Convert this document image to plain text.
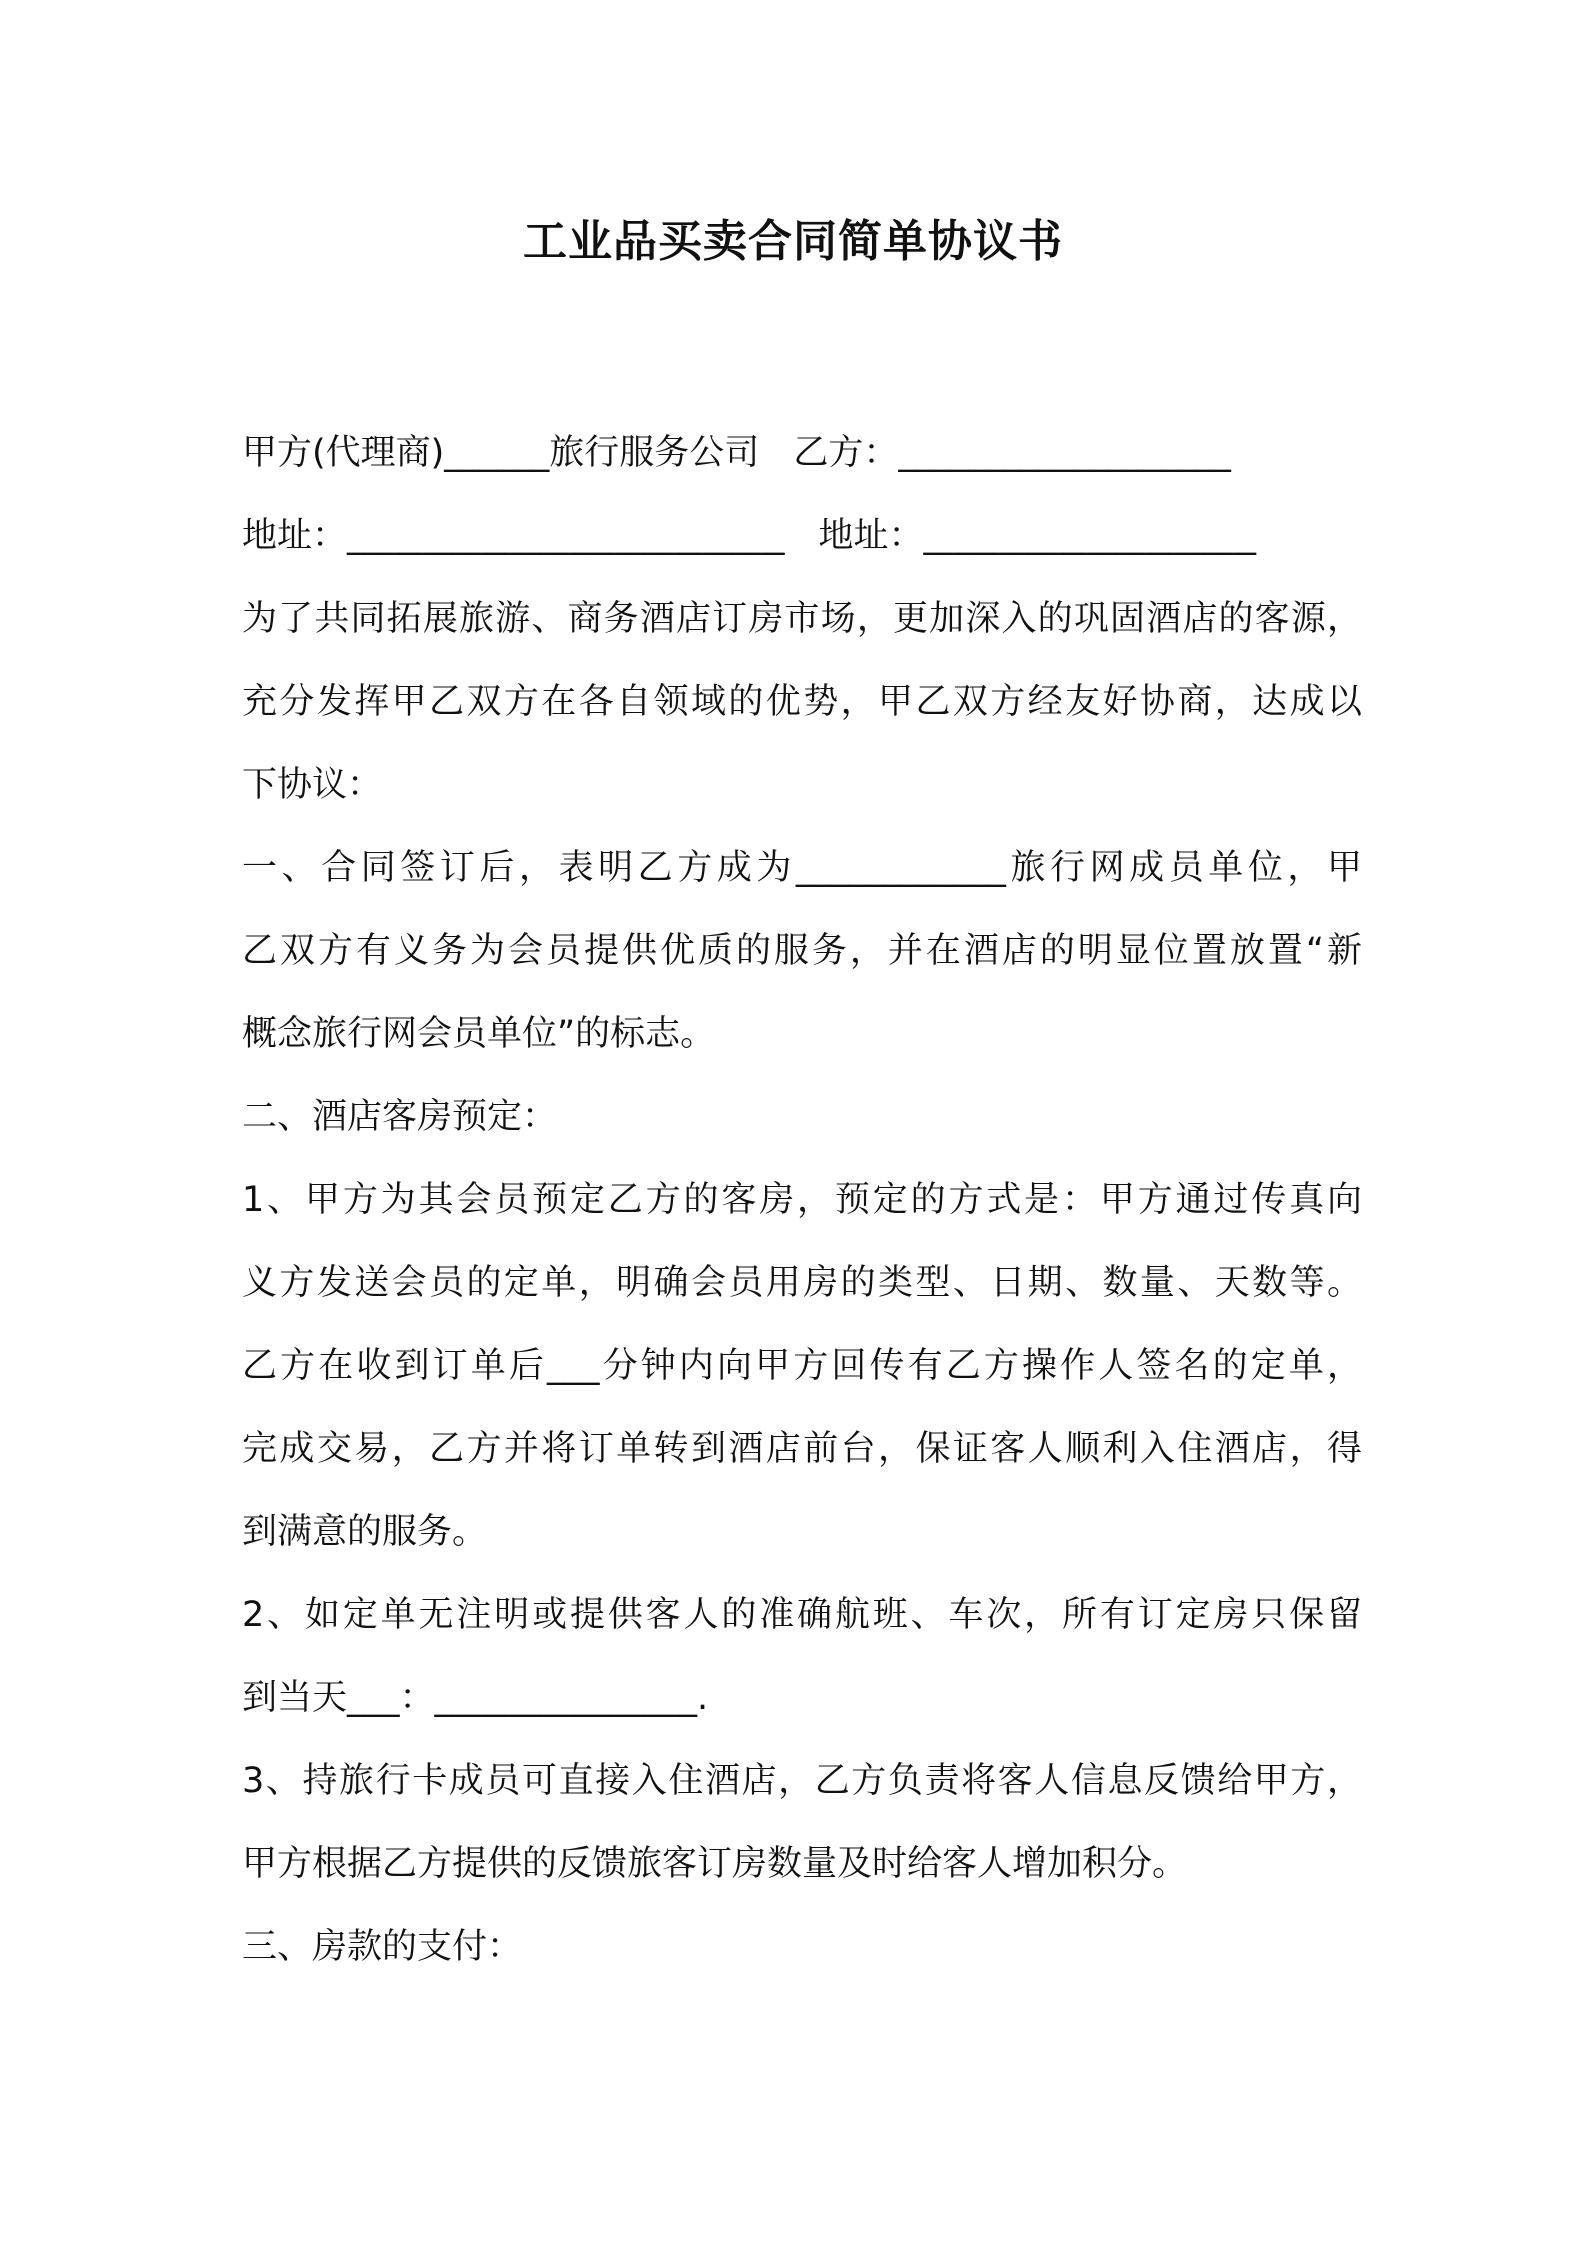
工业品买卖合同简单协议书
甲方(代理商)______旅行服务公司 乙方：___________________
地址：_________________________ 地址：___________________
为了共同拓展旅游、商务酒店订房市场，更加深入的巩固酒店的客源，
充分发挥甲乙双方在各自领域的优势，甲乙双方经友好协商，达成以
下协议：
一、合同签订后，表明乙方成为____________旅行网成员单位，甲
乙双方有义务为会员提供优质的服务，并在酒店的明显位置放置“新
概念旅行网会员单位”的标志。
二、酒店客房预定：
1、甲方为其会员预定乙方的客房，预定的方式是：甲方通过传真向
义方发送会员的定单，明确会员用房的类型、日期、数量、天数等。
乙方在收到订单后___分钟内向甲方回传有乙方操作人签名的定单，
完成交易，乙方并将订单转到酒店前台，保证客人顺利入住酒店，得
到满意的服务。
2、如定单无注明或提供客人的准确航班、车次，所有订定房只保留
到当天___：_______________.
3、持旅行卡成员可直接入住酒店，乙方负责将客人信息反馈给甲方，
甲方根据乙方提供的反馈旅客订房数量及时给客人增加积分。
三、房款的支付：
